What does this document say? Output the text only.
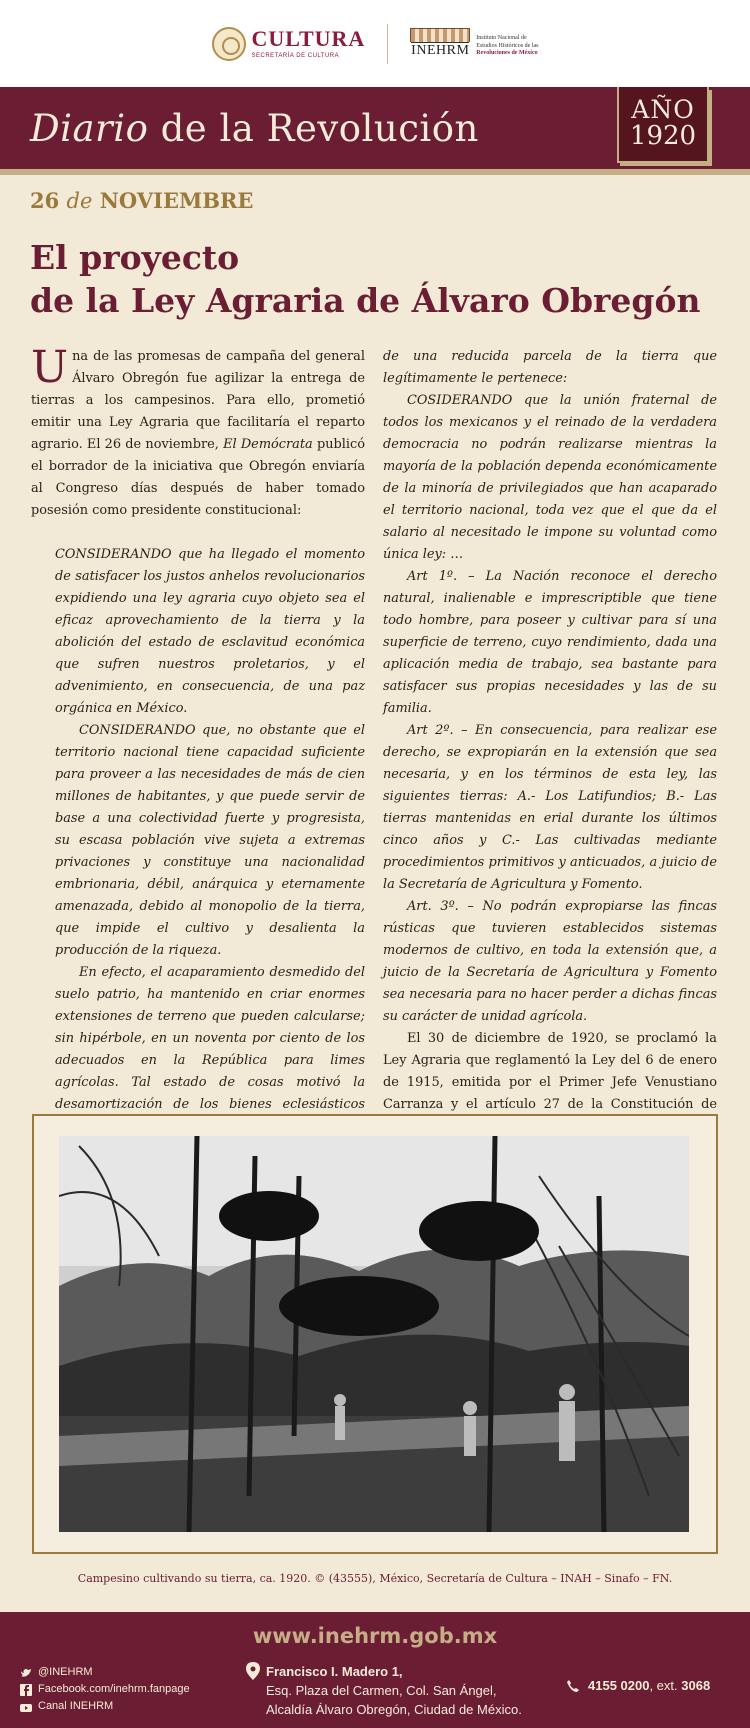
CULTURA
SECRETARÍA DE CULTURA	INEHRM
Instituto Nacional de
Estudios Históricos de las
Revoluciones de México
Diario de la Revolución	AÑO
1920
26 de NOVIEMBRE
El proyecto
de la Ley Agraria de Álvaro Obregón

Una de las promesas de campaña del general Álvaro Obregón fue agilizar la entrega de tierras a los campesinos. Para ello, prometió emitir una Ley Agraria que facilitaría el reparto agrario. El 26 de noviembre, El Demócrata publicó el borrador de la iniciativa que Obregón enviaría al Congreso días después de haber tomado posesión como presidente constitucional:

CONSIDERANDO que ha llegado el momento de satisfacer los justos anhelos revolucionarios expidiendo una ley agraria cuyo objeto sea el eficaz aprovechamiento de la tierra y la abolición del estado de esclavitud económica que sufren nuestros proletarios, y el advenimiento, en consecuencia, de una paz orgánica en México.

CONSIDERANDO que, no obstante que el territorio nacional tiene capacidad suficiente para proveer a las necesidades de más de cien millones de habitantes, y que puede servir de base a una colectividad fuerte y progresista, su escasa población vive sujeta a extremas privaciones y constituye una nacionalidad embrionaria, débil, anárquica y eternamente amenazada, debido al monopolio de la tierra, que impide el cultivo y desalienta la producción de la riqueza.

En efecto, el acaparamiento desmedido del suelo patrio, ha mantenido en criar enormes extensiones de terreno que pueden calcularse; sin hipérbole, en un noventa por ciento de los adecuados en la República para limes agrícolas. Tal estado de cosas motivó la desamortización de los bienes eclesiásticos

de una reducida parcela de la tierra que legítimamente le pertenece:

COSIDERANDO que la unión fraternal de todos los mexicanos y el reinado de la verdadera democracia no podrán realizarse mientras la mayoría de la población dependa económicamente de la minoría de privilegiados que han acaparado el territorio nacional, toda vez que el que da el salario al necesitado le impone su voluntad como única ley: …

Art 1º. – La Nación reconoce el derecho natural, inalienable e imprescriptible que tiene todo hombre, para poseer y cultivar para sí una superficie de terreno, cuyo rendimiento, dada una aplicación media de trabajo, sea bastante para satisfacer sus propias necesidades y las de su familia.

Art 2º. – En consecuencia, para realizar ese derecho, se expropiarán en la extensión que sea necesaria, y en los términos de esta ley, las siguientes tierras: A.- Los Latifundios; B.- Las tierras mantenidas en erial durante los últimos cinco años y C.- Las cultivadas mediante procedimientos primitivos y anticuados, a juicio de la Secretaría de Agricultura y Fomento.

Art. 3º. – No podrán expropiarse las fincas rústicas que tuvieren establecidos sistemas modernos de cultivo, en toda la extensión que, a juicio de la Secretaría de Agricultura y Fomento sea necesaria para no hacer perder a dichas fincas su carácter de unidad agrícola.

El 30 de diciembre de 1920, se proclamó la Ley Agraria que reglamentó la Ley del 6 de enero de 1915, emitida por el Primer Jefe Venustiano Carranza y el artículo 27 de la Constitución de

Campesino cultivando su tierra, ca. 1920. © (43555), México, Secretaría de Cultura – INAH – Sinafo – FN.
www.inehrm.gob.mx
@INEHRM
Facebook.com/inehrm.fanpage
Canal INEHRM
Francisco I. Madero 1,
Esq. Plaza del Carmen, Col. San Ángel,
Alcaldía Álvaro Obregón, Ciudad de México.
4155 0200, ext. 3068
